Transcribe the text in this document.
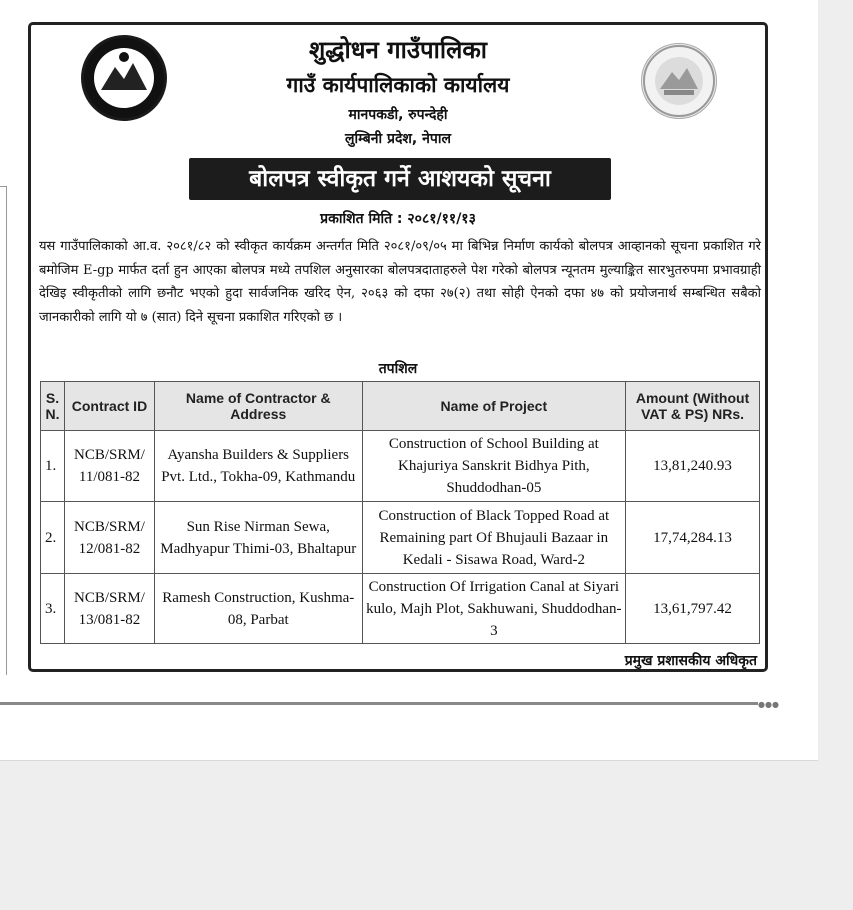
शुद्धोधन गाउँपालिका
गाउँ कार्यपालिकाको कार्यालय
मानपकडी, रुपन्देही
लुम्बिनी प्रदेश, नेपाल
बोलपत्र स्वीकृत गर्ने आशयको सूचना
प्रकाशित मिति : २०८१/११/१३
यस गाउँपालिकाको आ.व. २०८१/८२ को स्वीकृत कार्यक्रम अन्तर्गत मिति २०८१/०९/०५ मा बिभिन्न निर्माण कार्यको बोलपत्र आव्हानको सूचना प्रकाशित गरे बमोजिम E-gp मार्फत दर्ता हुन आएका बोलपत्र मध्ये तपशिल अनुसारका बोलपत्रदाताहरुले पेश गरेको बोलपत्र न्यूनतम मुल्याङ्कित सारभुतरुपमा प्रभावग्राही देखिइ स्वीकृतीको लागि छनौट भएको हुदा सार्वजनिक खरिद ऐन, २०६३ को दफा २७(२) तथा सोही ऐनको दफा ४७ को प्रयोजनार्थ सम्बन्धित सबैको जानकारीको लागि यो ७ (सात) दिने सूचना प्रकाशित गरिएको छ ।
तपशिल
S. N.	Contract ID	Name of Contractor & Address	Name of Project	Amount (Without VAT & PS) NRs.
1.	NCB/SRM/ 11/081-82	Ayansha Builders & Suppliers Pvt. Ltd., Tokha-09, Kathmandu	Construction of School Building at Khajuriya Sanskrit Bidhya Pith, Shuddodhan-05	13,81,240.93
2.	NCB/SRM/ 12/081-82	Sun Rise Nirman Sewa, Madhyapur Thimi-03, Bhaltapur	Construction of Black Topped Road at Remaining part Of Bhujauli Bazaar in Kedali - Sisawa Road, Ward-2	17,74,284.13
3.	NCB/SRM/ 13/081-82	Ramesh Construction, Kushma-08, Parbat	Construction Of Irrigation Canal at Siyari kulo, Majh Plot, Sakhuwani, Shuddodhan-3	13,61,797.42
प्रमुख प्रशासकीय अधिकृत
●●●
